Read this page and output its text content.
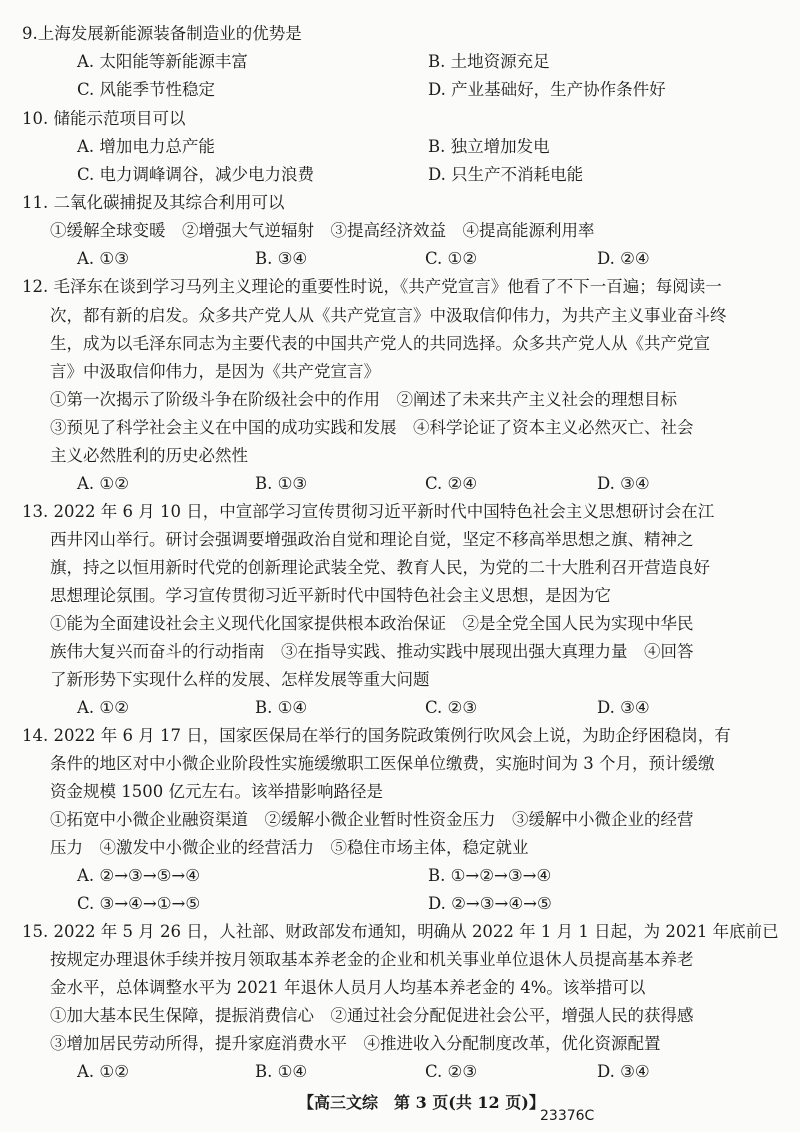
9.上海发展新能源装备制造业的优势是
A. 太阳能等新能源丰富	B. 土地资源充足
C. 风能季节性稳定	D. 产业基础好，生产协作条件好
10. 储能示范项目可以
A. 增加电力总产能	B. 独立增加发电
C. 电力调峰调谷，减少电力浪费	D. 只生产不消耗电能
11. 二氧化碳捕捉及其综合利用可以
①缓解全球变暖　②增强大气逆辐射　③提高经济效益　④提高能源利用率
A. ①③	B. ③④	C. ①②	D. ②④
12. 毛泽东在谈到学习马列主义理论的重要性时说，《共产党宣言》他看了不下一百遍；每阅读一
次，都有新的启发。众多共产党人从《共产党宣言》中汲取信仰伟力，为共产主义事业奋斗终
生，成为以毛泽东同志为主要代表的中国共产党人的共同选择。众多共产党人从《共产党宣
言》中汲取信仰伟力，是因为《共产党宣言》
①第一次揭示了阶级斗争在阶级社会中的作用　②阐述了未来共产主义社会的理想目标
③预见了科学社会主义在中国的成功实践和发展　④科学论证了资本主义必然灭亡、社会
主义必然胜利的历史必然性
A. ①②	B. ①③	C. ②④	D. ③④
13. 2022 年 6 月 10 日，中宣部学习宣传贯彻习近平新时代中国特色社会主义思想研讨会在江
西井冈山举行。研讨会强调要增强政治自觉和理论自觉，坚定不移高举思想之旗、精神之
旗，持之以恒用新时代党的创新理论武装全党、教育人民，为党的二十大胜利召开营造良好
思想理论氛围。学习宣传贯彻习近平新时代中国特色社会主义思想，是因为它
①能为全面建设社会主义现代化国家提供根本政治保证　②是全党全国人民为实现中华民
族伟大复兴而奋斗的行动指南　③在指导实践、推动实践中展现出强大真理力量　④回答
了新形势下实现什么样的发展、怎样发展等重大问题
A. ①②	B. ①④	C. ②③	D. ③④
14. 2022 年 6 月 17 日，国家医保局在举行的国务院政策例行吹风会上说，为助企纾困稳岗，有
条件的地区对中小微企业阶段性实施缓缴职工医保单位缴费，实施时间为 3 个月，预计缓缴
资金规模 1500 亿元左右。该举措影响路径是
①拓宽中小微企业融资渠道　②缓解小微企业暂时性资金压力　③缓解中小微企业的经营
压力　④激发中小微企业的经营活力　⑤稳住市场主体，稳定就业
A. ②→③→⑤→④	B. ①→②→③→④
C. ③→④→①→⑤	D. ②→③→④→⑤
15. 2022 年 5 月 26 日，人社部、财政部发布通知，明确从 2022 年 1 月 1 日起，为 2021 年底前已
按规定办理退休手续并按月领取基本养老金的企业和机关事业单位退休人员提高基本养老
金水平，总体调整水平为 2021 年退休人员月人均基本养老金的 4%。该举措可以
①加大基本民生保障，提振消费信心　②通过社会分配促进社会公平，增强人民的获得感
③增加居民劳动所得，提升家庭消费水平　④推进收入分配制度改革，优化资源配置
A. ①②	B. ①④	C. ②③	D. ③④
【高三文综　第 3 页(共 12 页)】
23376C
